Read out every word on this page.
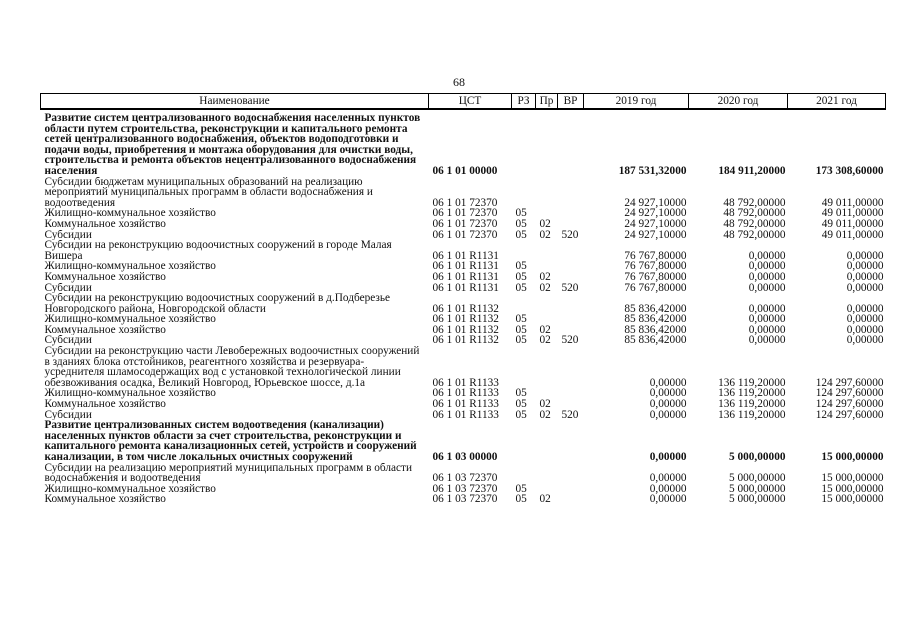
68
Наименование	ЦСТ	РЗ	Пр	ВР	2019 год	2020 год	2021 год
Развитие систем централизованного водоснабжения населенных пунктов области путем строительства, реконструкции и капитального ремонта сетей централизованного водоснабжения, объектов водоподготовки и подачи воды, приобретения и монтажа оборудования для очистки воды, строительства и ремонта объектов нецентрализованного водоснабжения населения	06 1 01 00000				187 531,32000	184 911,20000	173 308,60000
Субсидии бюджетам муниципальных образований на реализацию мероприятий муниципальных программ в области водоснабжения и водоотведения	06 1 01 72370				24 927,10000	48 792,00000	49 011,00000
Жилищно-коммунальное хозяйство	06 1 01 72370	05			24 927,10000	48 792,00000	49 011,00000
Коммунальное хозяйство	06 1 01 72370	05	02		24 927,10000	48 792,00000	49 011,00000
Субсидии	06 1 01 72370	05	02	520	24 927,10000	48 792,00000	49 011,00000
Субсидии на реконструкцию водоочистных сооружений в городе Малая Вишера	06 1 01 R1131				76 767,80000	0,00000	0,00000
Жилищно-коммунальное хозяйство	06 1 01 R1131	05			76 767,80000	0,00000	0,00000
Коммунальное хозяйство	06 1 01 R1131	05	02		76 767,80000	0,00000	0,00000
Субсидии	06 1 01 R1131	05	02	520	76 767,80000	0,00000	0,00000
Субсидии на реконструкцию водоочистных сооружений в д.Подберезье Новгородского района, Новгородской области	06 1 01 R1132				85 836,42000	0,00000	0,00000
Жилищно-коммунальное хозяйство	06 1 01 R1132	05			85 836,42000	0,00000	0,00000
Коммунальное хозяйство	06 1 01 R1132	05	02		85 836,42000	0,00000	0,00000
Субсидии	06 1 01 R1132	05	02	520	85 836,42000	0,00000	0,00000
Субсидии на реконструкцию части Левобережных водоочистных сооружений в зданиях блока отстойников, реагентного хозяйства и резервуара-усреднителя шламосодержащих вод с установкой технологической линии обезвоживания осадка, Великий Новгород, Юрьевское шоссе, д.1а	06 1 01 R1133				0,00000	136 119,20000	124 297,60000
Жилищно-коммунальное хозяйство	06 1 01 R1133	05			0,00000	136 119,20000	124 297,60000
Коммунальное хозяйство	06 1 01 R1133	05	02		0,00000	136 119,20000	124 297,60000
Субсидии	06 1 01 R1133	05	02	520	0,00000	136 119,20000	124 297,60000
Развитие централизованных систем водоотведения (канализации) населенных пунктов области за счет строительства, реконструкции и капитального ремонта канализационных сетей, устройств и сооружений канализации, в том числе локальных очистных сооружений	06 1 03 00000				0,00000	5 000,00000	15 000,00000
Субсидии на реализацию мероприятий муниципальных программ в области водоснабжения и водоотведения	06 1 03 72370				0,00000	5 000,00000	15 000,00000
Жилищно-коммунальное хозяйство	06 1 03 72370	05			0,00000	5 000,00000	15 000,00000
Коммунальное хозяйство	06 1 03 72370	05	02		0,00000	5 000,00000	15 000,00000
